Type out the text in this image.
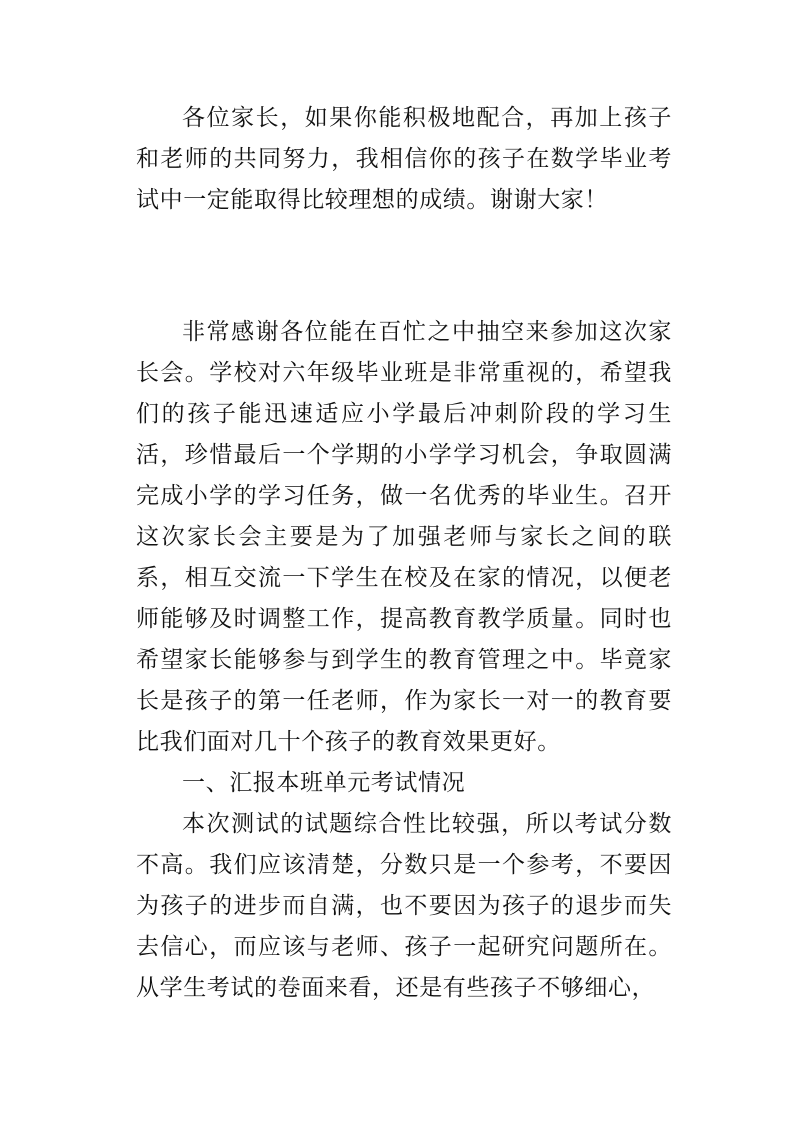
各位家长，如果你能积极地配合，再加上孩子和老师的共同努力，我相信你的孩子在数学毕业考试中一定能取得比较理想的成绩。谢谢大家！

非常感谢各位能在百忙之中抽空来参加这次家长会。学校对六年级毕业班是非常重视的，希望我们的孩子能迅速适应小学最后冲刺阶段的学习生活，珍惜最后一个学期的小学学习机会，争取圆满完成小学的学习任务，做一名优秀的毕业生。召开这次家长会主要是为了加强老师与家长之间的联系，相互交流一下学生在校及在家的情况，以便老师能够及时调整工作，提高教育教学质量。同时也希望家长能够参与到学生的教育管理之中。毕竟家长是孩子的第一任老师，作为家长一对一的教育要比我们面对几十个孩子的教育效果更好。

一、汇报本班单元考试情况

本次测试的试题综合性比较强，所以考试分数不高。我们应该清楚，分数只是一个参考，不要因为孩子的进步而自满，也不要因为孩子的退步而失去信心，而应该与老师、孩子一起研究问题所在。从学生考试的卷面来看，还是有些孩子不够细心，
